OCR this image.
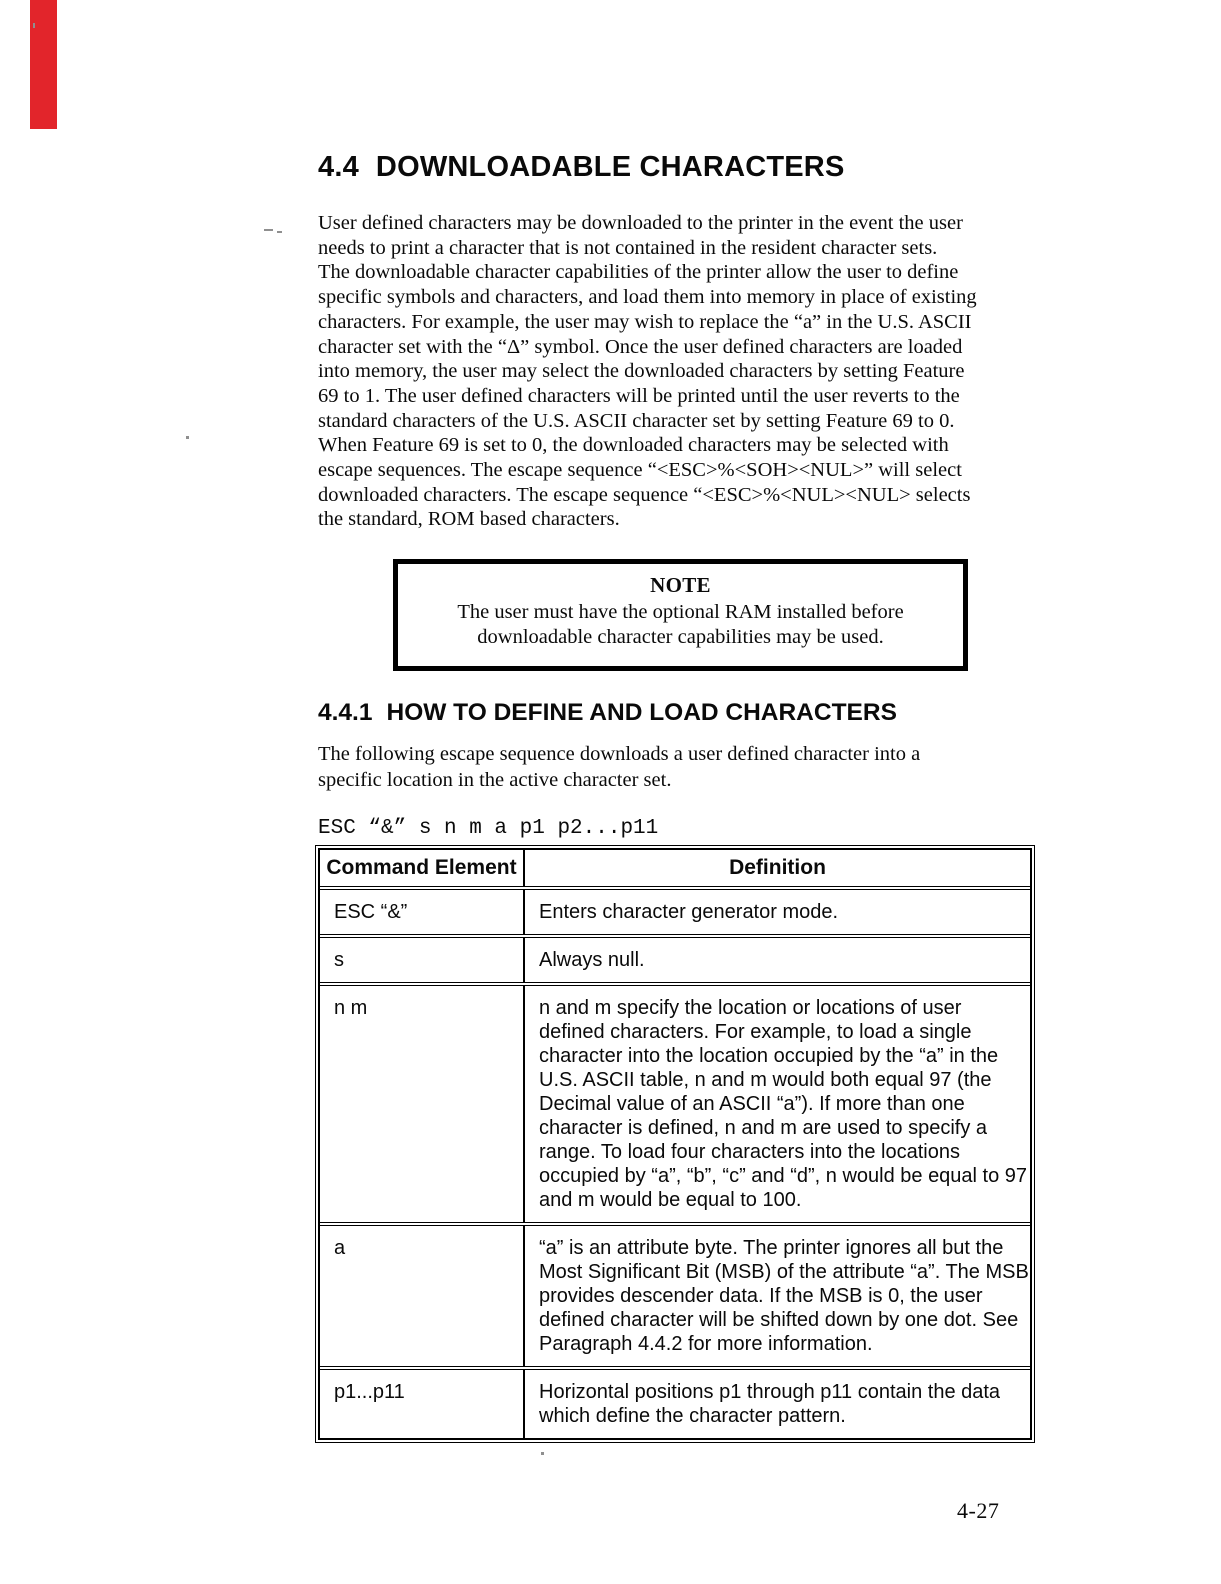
4.4 DOWNLOADABLE CHARACTERS
User defined characters may be downloaded to the printer in the event the user
needs to print a character that is not contained in the resident character sets.
The downloadable character capabilities of the printer allow the user to define
specific symbols and characters, and load them into memory in place of existing
characters. For example, the user may wish to replace the “a” in the U.S. ASCII
character set with the “Δ” symbol. Once the user defined characters are loaded
into memory, the user may select the downloaded characters by setting Feature
69 to 1. The user defined characters will be printed until the user reverts to the
standard characters of the U.S. ASCII character set by setting Feature 69 to 0.
When Feature 69 is set to 0, the downloaded characters may be selected with
escape sequences. The escape sequence “<ESC>%<SOH><NUL>” will select
downloaded characters. The escape sequence “<ESC>%<NUL><NUL> selects
the standard, ROM based characters.
NOTE
The user must have the optional RAM installed before
downloadable character capabilities may be used.
4.4.1 HOW TO DEFINE AND LOAD CHARACTERS
The following escape sequence downloads a user defined character into a
specific location in the active character set.
ESC “&” s n m a p1 p2...p11
Command Element	Definition
ESC “&”	Enters character generator mode.
s	Always null.
n m	n and m specify the location or locations of user
defined characters. For example, to load a single
character into the location occupied by the “a” in the
U.S. ASCII table, n and m would both equal 97 (the
Decimal value of an ASCII “a”). If more than one
character is defined, n and m are used to specify a
range. To load four characters into the locations
occupied by “a”, “b”, “c” and “d”, n would be equal to 97
and m would be equal to 100.
a	“a” is an attribute byte. The printer ignores all but the
Most Significant Bit (MSB) of the attribute “a”. The MSB
provides descender data. If the MSB is 0, the user
defined character will be shifted down by one dot. See
Paragraph 4.4.2 for more information.
p1...p11	Horizontal positions p1 through p11 contain the data
which define the character pattern.
4-27
